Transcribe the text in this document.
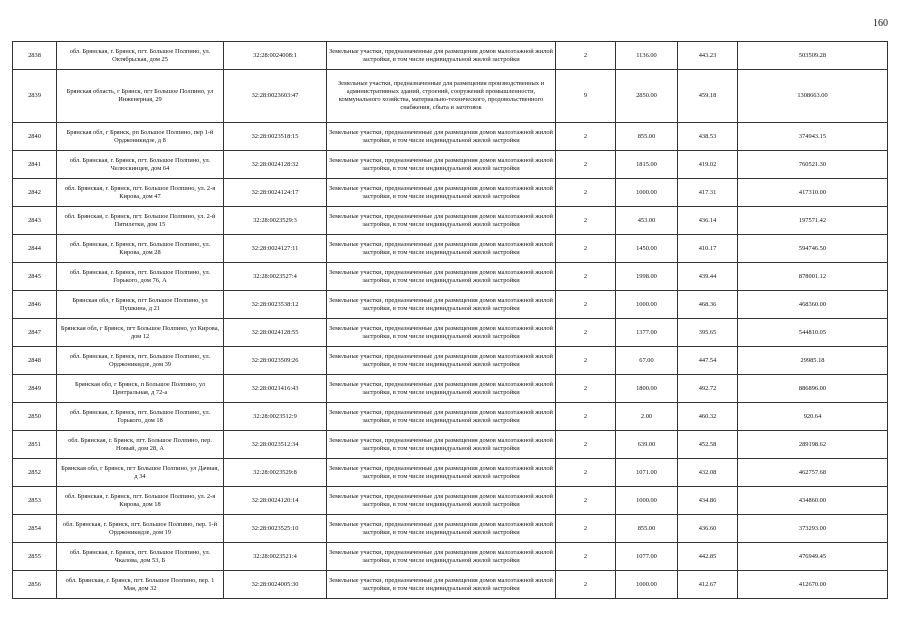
160
2838	обл. Брянская, г. Брянск, пгт. Большое Полпино, ул. Октябрьская, дом 25	32:28:0024008:1	Земельные участки, предназначенные для размещения домов малоэтажной жилой застройки, в том числе индивидуальной жилой застройки	2	1136.00	443.23	503509.28
2839	Брянская область, г Брянск, пгт Большое Полпино, ул Инженерная, 29	32:28:0023603:47	Земельные участки, предназначенные для размещения производственных и административных зданий, строений, сооружений промышленности, коммунального хозяйства, материально-технического, продовольственного снабжения, сбыта и заготовок	9	2850.00	459.18	1308663.00
2840	Брянская обл, г Брянск, рп Большое Полпино, пер 1-й Орджоникидзе, д 8	32:28:0023518:15	Земельные участки, предназначенные для размещения домов малоэтажной жилой застройки, в том числе индивидуальной жилой застройки	2	855.00	438.53	374943.15
2841	обл. Брянская, г. Брянск, пгт. Большое Полпино, ул. Челюскинцев, дом 64	32:28:0024128:32	Земельные участки, предназначенные для размещения домов малоэтажной жилой застройки, в том числе индивидуальной жилой застройки	2	1815.00	419.02	760521.30
2842	обл. Брянская, г. Брянск, пгт. Большое Полпино, ул. 2-я Кирова, дом 47	32:28:0024124:17	Земельные участки, предназначенные для размещения домов малоэтажной жилой застройки, в том числе индивидуальной жилой застройки	2	1000.00	417.31	417310.00
2843	обл. Брянская, г. Брянск, пгт. Большое Полпино, ул. 2-й Пятилетки, дом 15	32:28:0023529:3	Земельные участки, предназначенные для размещения домов малоэтажной жилой застройки, в том числе индивидуальной жилой застройки	2	453.00	436.14	197571.42
2844	обл. Брянская, г. Брянск, пгт. Большое Полпино, ул. Кирова, дом 28	32:28:0024127:11	Земельные участки, предназначенные для размещения домов малоэтажной жилой застройки, в том числе индивидуальной жилой застройки	2	1450.00	410.17	594746.50
2845	обл. Брянская, г. Брянск, пгт. Большое Полпино, ул. Горького, дом 76, А	32:28:0023527:4	Земельные участки, предназначенные для размещения домов малоэтажной жилой застройки, в том числе индивидуальной жилой застройки	2	1998.00	439.44	878001.12
2846	Брянская обл, г Брянск, пгт Большое Полпино, ул Пушкина, д 21	32:28:0023538:12	Земельные участки, предназначенные для размещения домов малоэтажной жилой застройки, в том числе индивидуальной жилой застройки	2	1000.00	468.36	468360.00
2847	Брянская обл, г Брянск, пгт Большое Полпино, ул Кирова, дом 12	32:28:0024128:55	Земельные участки, предназначенные для размещения домов малоэтажной жилой застройки, в том числе индивидуальной жилой застройки	2	1377.00	395.65	544810.05
2848	обл. Брянская, г. Брянск, пгт. Большое Полпино, ул. Орджоникидзе, дом 39	32:28:0023509:26	Земельные участки, предназначенные для размещения домов малоэтажной жилой застройки, в том числе индивидуальной жилой застройки	2	67.00	447.54	29985.18
2849	Брянская обл, г Брянск, п Большое Полпино, ул Центральная, д 72-а	32:28:0021416:43	Земельные участки, предназначенные для размещения домов малоэтажной жилой застройки, в том числе индивидуальной жилой застройки	2	1800.00	492.72	886896.00
2850	обл. Брянская, г. Брянск, пгт. Большое Полпино, ул. Горького, дом 18	32:28:0023512:9	Земельные участки, предназначенные для размещения домов малоэтажной жилой застройки, в том числе индивидуальной жилой застройки	2	2.00	460.32	920.64
2851	обл. Брянская, г. Брянск, пгт. Большое Полпино, пер. Новый, дом 28, А	32:28:0023512:34	Земельные участки, предназначенные для размещения домов малоэтажной жилой застройки, в том числе индивидуальной жилой застройки	2	639.00	452.58	289198.62
2852	Брянская обл, г Брянск, пгт Большое Полпино, ул Дачная, д 34	32:28:0023529:8	Земельные участки, предназначенные для размещения домов малоэтажной жилой застройки, в том числе индивидуальной жилой застройки	2	1071.00	432.08	462757.68
2853	обл. Брянская, г. Брянск, пгт. Большое Полпино, ул. 2-я Кирова, дом 18	32:28:0024120:14	Земельные участки, предназначенные для размещения домов малоэтажной жилой застройки, в том числе индивидуальной жилой застройки	2	1000.00	434.86	434860.00
2854	обл. Брянская, г. Брянск, пгт. Большое Полпино, пер. 1-й Орджоникидзе, дом 19	32:28:0023525:10	Земельные участки, предназначенные для размещения домов малоэтажной жилой застройки, в том числе индивидуальной жилой застройки	2	855.00	436.60	373293.00
2855	обл. Брянская, г. Брянск, пгт. Большое Полпино, ул. Чкалова, дом 53, Б	32:28:0023521:4	Земельные участки, предназначенные для размещения домов малоэтажной жилой застройки, в том числе индивидуальной жилой застройки	2	1077.00	442.85	476949.45
2856	обл. Брянская, г. Брянск, пгт. Большое Полпино, пер. 1 Мая, дом 32	32:28:0024005:30	Земельные участки, предназначенные для размещения домов малоэтажной жилой застройки, в том числе индивидуальной жилой застройки	2	1000.00	412.67	412670.00
